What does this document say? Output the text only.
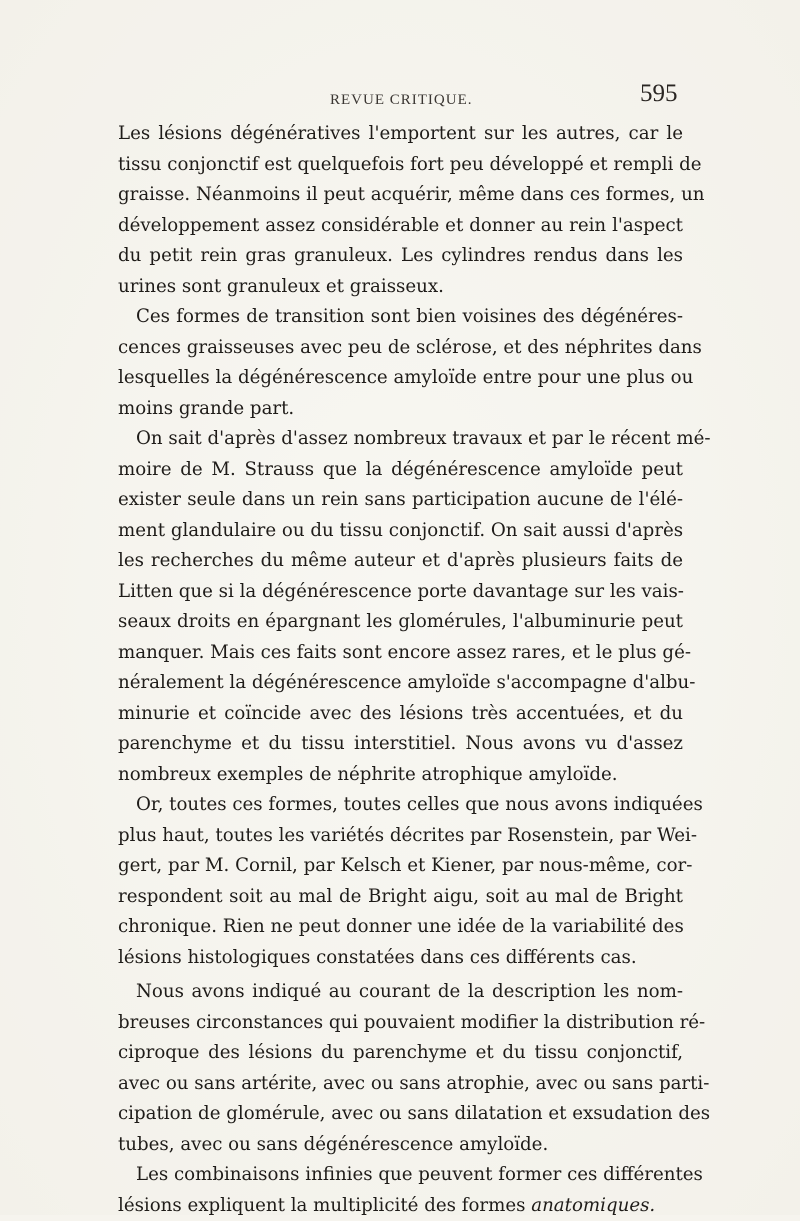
REVUE CRITIQUE.	595
Les lésions dégénératives l'emportent sur les autres, car le
tissu conjonctif est quelquefois fort peu développé et rempli de
graisse. Néanmoins il peut acquérir, même dans ces formes, un
développement assez considérable et donner au rein l'aspect
du petit rein gras granuleux. Les cylindres rendus dans les
urines sont granuleux et graisseux.
Ces formes de transition sont bien voisines des dégénéres-
cences graisseuses avec peu de sclérose, et des néphrites dans
lesquelles la dégénérescence amyloïde entre pour une plus ou
moins grande part.
On sait d'après d'assez nombreux travaux et par le récent mé-
moire de M. Strauss que la dégénérescence amyloïde peut
exister seule dans un rein sans participation aucune de l'élé-
ment glandulaire ou du tissu conjonctif. On sait aussi d'après
les recherches du même auteur et d'après plusieurs faits de
Litten que si la dégénérescence porte davantage sur les vais-
seaux droits en épargnant les glomérules, l'albuminurie peut
manquer. Mais ces faits sont encore assez rares, et le plus gé-
néralement la dégénérescence amyloïde s'accompagne d'albu-
minurie et coïncide avec des lésions très accentuées, et du
parenchyme et du tissu interstitiel. Nous avons vu d'assez
nombreux exemples de néphrite atrophique amyloïde.
Or, toutes ces formes, toutes celles que nous avons indiquées
plus haut, toutes les variétés décrites par Rosenstein, par Wei-
gert, par M. Cornil, par Kelsch et Kiener, par nous-même, cor-
respondent soit au mal de Bright aigu, soit au mal de Bright
chronique. Rien ne peut donner une idée de la variabilité des
lésions histologiques constatées dans ces différents cas.
Nous avons indiqué au courant de la description les nom-
breuses circonstances qui pouvaient modifier la distribution ré-
ciproque des lésions du parenchyme et du tissu conjonctif,
avec ou sans artérite, avec ou sans atrophie, avec ou sans parti-
cipation de glomérule, avec ou sans dilatation et exsudation des
tubes, avec ou sans dégénérescence amyloïde.
Les combinaisons infinies que peuvent former ces différentes
lésions expliquent la multiplicité des formes anatomiques.
